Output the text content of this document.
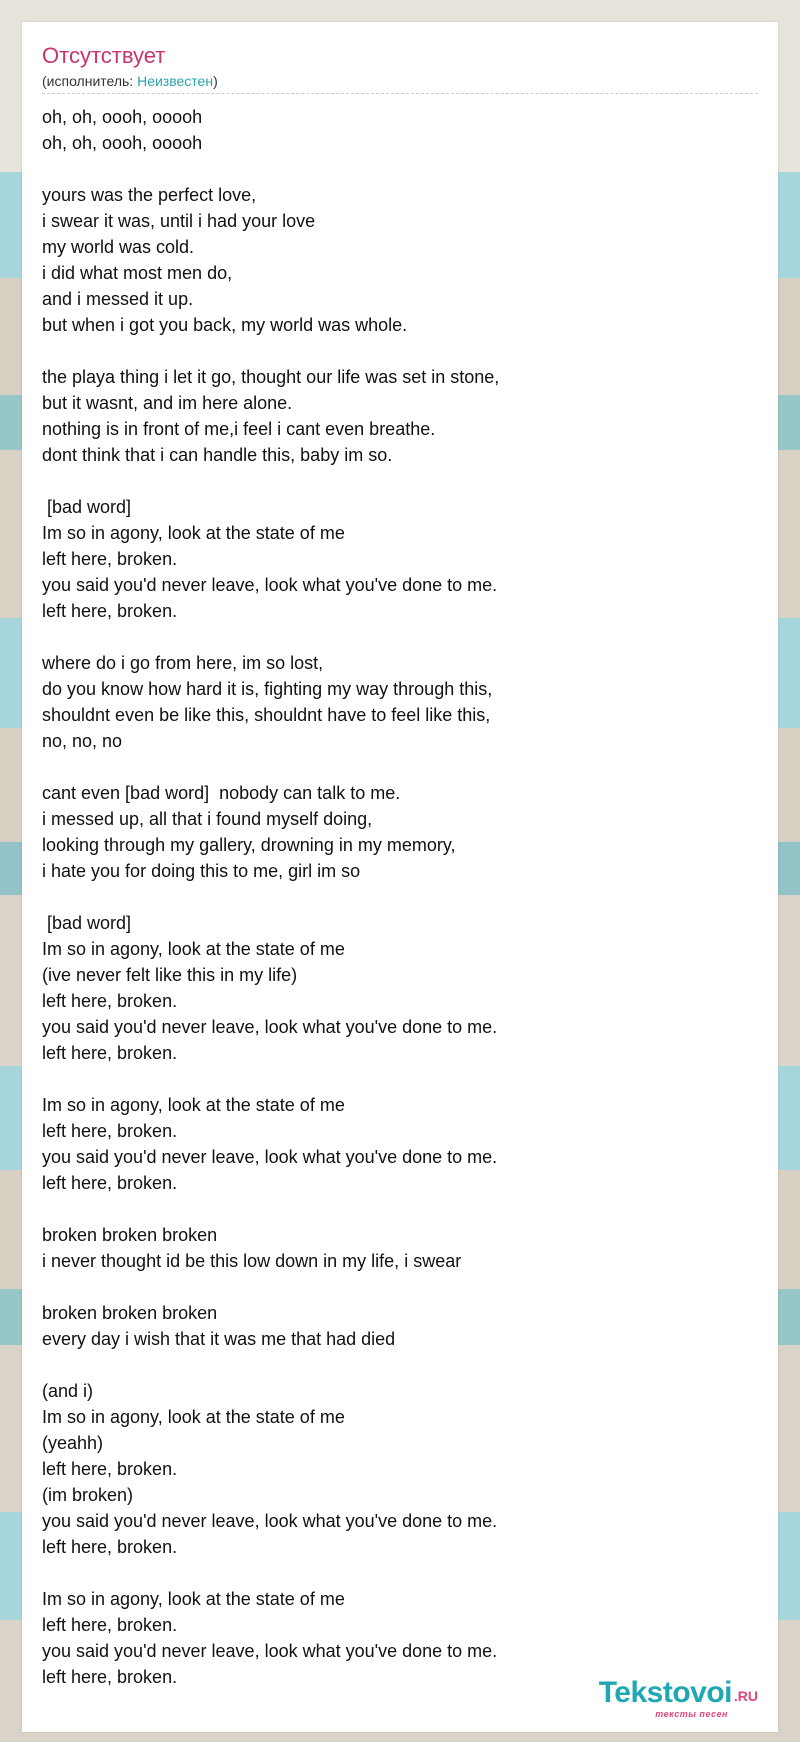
Отсутствует
(исполнитель: Неизвестен)
oh, oh, oooh, ooooh
oh, oh, oooh, ooooh
yours was the perfect love,
i swear it was, until i had your love
my world was cold.
i did what most men do,
and i messed it up.
but when i got you back, my world was whole.
the playa thing i let it go, thought our life was set in stone,
but it wasnt, and im here alone.
nothing is in front of me,i feel i cant even breathe.
dont think that i can handle this, baby im so.
[bad word]
Im so in agony, look at the state of me
left here, broken.
you said you'd never leave, look what you've done to me.
left here, broken.
where do i go from here, im so lost,
do you know how hard it is, fighting my way through this,
shouldnt even be like this, shouldnt have to feel like this,
no, no, no
cant even [bad word]  nobody can talk to me.
i messed up, all that i found myself doing,
looking through my gallery, drowning in my memory,
i hate you for doing this to me, girl im so
[bad word]
Im so in agony, look at the state of me
(ive never felt like this in my life)
left here, broken.
you said you'd never leave, look what you've done to me.
left here, broken.
Im so in agony, look at the state of me
left here, broken.
you said you'd never leave, look what you've done to me.
left here, broken.
broken broken broken
i never thought id be this low down in my life, i swear
broken broken broken
every day i wish that it was me that had died
(and i)
Im so in agony, look at the state of me
(yeahh)
left here, broken.
(im broken)
you said you'd never leave, look what you've done to me.
left here, broken.
Im so in agony, look at the state of me
left here, broken.
you said you'd never leave, look what you've done to me.
left here, broken.	Tekstovoi .RU
тексты песен
